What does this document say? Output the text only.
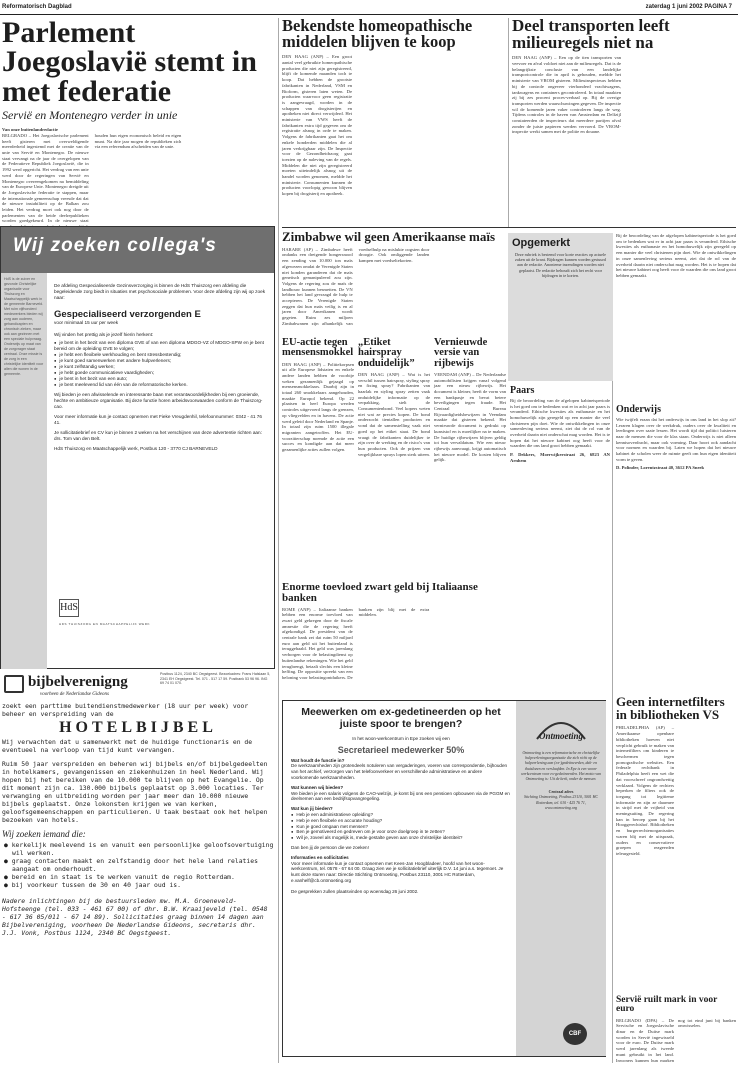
Reformatorisch Dagblad	zaterdag 1 juni 2002 PAGINA 7
Parlement Joegoslavië stemt in met federatie
Servië en Montenegro verder in unie
Van onze buitenlandredactie
BELGRADO – Het Joegoslavische parlement heeft gisteren met overweldigende meerderheid ingestemd met de creatie van de unie van Servië en Montenegro. De nieuwe staat vervangt na de jaar de overgelopen van de Federatieve Republiek Joegoslavië, die in 1992 werd opgericht. Het verdrag van een unie werd door de regeringen van Servië en Montenegro overeengekomen na bemiddeling van de Europese Unie. Montenegro dreigde uit de Joegoslavische federatie te stappen, maar de internationale gemeenschap vreesde dat dat de nieuwe instabiliteit op de Balkan zou leiden. Het verdrag moet ook nog door de parlementen van de beide deelrepublieken worden goedgekeurd. In de nieuwe staat houden hun eigen economisch beleid en eigen munt. Na drie jaar mogen de republieken zich via een referendum afscheiden van de unie.
Bekendste homeopathische middelen blijven te koop
DEN HAAG (ANP) – Een groot aantal veel gebruikte homeopathische producten die niet zijn geregistreerd, blijft de komende maanden toch te koop. Dat hebben de grootste fabrikanten in Nederland, VSM en Bioform, gisteren laten weten. De producten waarvoor geen registratie is aangevraagd, worden in de schappen van drogisterijen en apotheken niet direct verwijderd. Het ministerie van VWS heeft de fabrikanten extra tijd gegeven om de registratie alsnog in orde te maken. Volgens de fabrikanten gaat het om enkele honderden middelen die al jaren verkrijgbaar zijn. De Inspectie voor de Gezondheidszorg gaat toezien op de naleving van de regels. Middelen die niet zijn geregistreerd moeten uiteindelijk alsnog uit de handel worden genomen, meldde het ministerie. Consumenten kunnen de producten voorlopig gewoon blijven kopen bij drogisterij en apotheek.
Deel transporten leeft milieuregels niet na
DEN HAAG (ANP) – Een op de tien transporten van veevoer en afval voldoet niet aan de milieuregels. Dat is de belangrijkste conclusie van een landelijke transportcontrole die in april is gehouden, meldde het ministerie van VROM gisteren. Milieuinspecteurs hebben bij de controle ongeveer vierhonderd vrachtwagens, tankwagens en containers gecontroleerd. In totaal maakten zij bij zes procent proces-verbaal op. Bij de overige transporten werden waarschuwingen gegeven. De inspectie wil de komende jaren vaker controleren langs de weg. Tijdens controles in de haven van Amsterdam en Delfzijl constateerden de inspecteurs dat meerdere partijen afval zonder de juiste papieren werden vervoerd. De VROM-inspectie werkt samen met de politie en douane.
Zimbabwe wil geen Amerikaanse maïs
HARARE (AP) – Zimbabwe heeft ondanks een dreigende hongersnood een zending van 10.000 ton maïs afgewezen omdat de Verenigde Staten niet konden garanderen dat de maïs genetisch gemanipuleerd zou zijn. Volgens de regering zou de maïs de landbouw kunnen besmetten. De VN hebben het land gevraagd de hulp te accepteren. De Verenigde Staten zeggen dat hun maïs veilig is en al jaren door Amerikanen wordt gegeten. Ruim zes miljoen Zimbabwanen zijn afhankelijk van voedselhulp na mislukte oogsten door droogte. Ook omliggende landen kampen met voedseltekorten.
EU-actie tegen mensensmokkel
DEN HAAG (ANP) – Politiekorpsen uit alle Europese lidstaten en enkele andere landen hebben de voorbije weken gezamenlijk gejaagd op mensensmokkelaars. Daarbij zijn in totaal 260 smokkelaars aangehouden, maakte Europol bekend. Op 22 plaatsen in heel Europa werden controles uitgevoerd langs de grenzen, op vliegvelden en in havens. De actie werd geleid door Nederland en Spanje. In totaal zijn ruim 1500 illegale migranten aangetroffen. Het EU-voorzitterschap noemde de actie een succes en kondigde aan dat meer gezamenlijke acties zullen volgen.
„Etiket hairspray onduidelijk”
DEN HAAG (ANP) – Wat is het verschil tussen hairspray, styling spray en fixing spray? Fabrikanten van haarlak en styling spray zetten vaak onduidelijke informatie op de verpakking, stelt de Consumentenbond. Veel kopers weten niet wat ze precies kopen. De bond onderzocht tientallen producten en vond dat de samenstelling vaak niet goed op het etiket staat. De bond vraagt de fabrikanten duidelijker te zijn over de werking en de risico's van hun producten. Ook de prijzen van vergelijkbare sprays lopen sterk uiteen.
Vernieuwde versie van rijbewijs
VEENDAM (ANP) – De Nederlandse automobilisten krijgen vanaf volgend jaar een nieuw rijbewijs. Het document is kleiner, heeft de vorm van een bankpasje en bevat betere beveiligingen tegen fraude. Het Centraal Bureau Rijvaardigheidsbewijzen in Veendam maakte dat gisteren bekend. Het vernieuwde document is gedrukt op kunststof en is moeilijker na te maken. De huidige rijbewijzen blijven geldig tot hun vervaldatum. Wie een nieuw rijbewijs aanvraagt, krijgt automatisch het nieuwe model. De kosten blijven gelijk.
Enorme toevloed zwart geld bij Italiaanse banken
ROME (ANP) – Italiaanse banken hebben een enorme toevloed van zwart geld gekregen door de fiscale amnestie die de regering heeft afgekondigd. De president van de centrale bank zei dat ruim 50 miljard euro aan geld uit het buitenland is teruggehaald. Het geld was jarenlang verborgen voor de belastingdienst op buitenlandse rekeningen. Wie het geld terugbrengt, betaalt slechts een kleine heffing. De oppositie spreekt van een beloning voor belastingontduikers. De banken zijn blij met de extra middelen.
Opgemerkt
Deze rubriek is bestemd voor korte reacties op actuele zaken uit de krant. Bijdragen kunnen worden gestuurd aan de redactie. Anonieme inzendingen worden niet geplaatst. De redactie behoudt zich het recht voor bijdragen in te korten.
Paars
Bij de beoordeling van de afgelopen kabinetsperiode is het goed om te bedenken wat er in acht jaar paars is veranderd. Ethische kwesties als euthanasie en het homohuwelijk zijn geregeld op een manier die veel christenen pijn doet. Wie de ontwikkelingen in onze samenleving serieus neemt, ziet dat de rol van de overheid daarin niet onderschat mag worden. Het is te hopen dat het nieuwe kabinet oog heeft voor de waarden die ons land groot hebben gemaakt.
P. Dekkers, Moerwijkerstraat 26, 6823 AN Arnhem
Bij de beoordeling van de afgelopen kabinetsperiode is het goed om te bedenken wat er in acht jaar paars is veranderd. Ethische kwesties als euthanasie en het homohuwelijk zijn geregeld op een manier die veel christenen pijn doet. Wie de ontwikkelingen in onze samenleving serieus neemt, ziet dat de rol van de overheid daarin niet onderschat mag worden. Het is te hopen dat het nieuwe kabinet oog heeft voor de waarden die ons land groot hebben gemaakt.
Onderwijs
Wie twijfelt eraan dat het onderwijs in ons land in het slop zit? Leraren klagen over de werkdruk, ouders over de kwaliteit en leerlingen over saaie lessen. Het wordt tijd dat politici luisteren naar de mensen die voor de klas staan. Onderwijs is niet alleen kennisoverdracht, maar ook vorming. Daar hoort ook aandacht voor normen en waarden bij. Laten we hopen dat het nieuwe kabinet de scholen weer de ruimte geeft om hun eigen identiteit vorm te geven.
D. Polinder, Lorentzstraat 40, 3612 PA Sneek
Geen internetfilters in bibliotheken VS
PHILADELPHIA (AP) – Amerikaanse openbare bibliotheken hoeven niet verplicht gebruik te maken van internetfilters om kinderen te beschermen tegen pornografische websites. Een federale rechtbank in Philadelphia heeft een wet die dat voorschreef ongrondwettig verklaard. Volgens de rechters beperken de filters ook de toegang tot legitieme informatie en zijn ze daarmee in strijd met de vrijheid van meningsuiting. De regering kan in beroep gaan bij het Hooggerechtshof. Bibliotheken en burgerrechtenorganisaties waren blij met de uitspraak, ouders en conservatieve groepen reageerden teleurgesteld.
Servië ruilt mark in voor euro
BELGRADO (DPA) – De Servische en Joegoslavische dinar en de Duitse mark worden in Servië ingewisseld voor de euro. De Duitse mark werd jarenlang als tweede munt gebruikt in het land. Inwoners kunnen hun marken nog tot eind juni bij banken omwisselen.
Wij zoeken collega's
HdS is de zuiver en gezonde Christelijke organisatie voor Thuiszorg en Maatschappelijk werk in de gemeente Barneveld. Met ruim vijfhonderd medewerkers bieden wij zorg aan ouderen, gehandicapten en chronisch zieken, maar ook aan gezinnen met een speciale hulpvraag. Onderwijs op maat van de zorgvrager staat centraal. Onze missie is de zorg in een christelijke identiteit voor allen die wonen in de gemeente.
De afdeling Gespecialiseerde Gezinsverzorging is binnen de HdS Thuiszorg een afdeling die begeleidende zorg biedt in situaties met psychosociale problemen. Voor deze afdeling zijn wij op zoek naar:
Gespecialiseerd verzorgenden E
voor minimaal 15 uur per week
Wij vinden het prettig als je jezelf hierin herkent:
● je bent in het bezit van een diploma GVE of van een diploma MDGO-VZ of MDGO-SPW en je bent bereid om de opleiding GVE te volgen;
● je hebt een flexibele werkhouding en bent stressbestendig;
● je kunt goed samenwerken met andere hulpverleners;
● je kunt zelfstandig werken;
● je hebt goede communicatieve vaardigheden;
● je bent in het bezit van een auto;
● je bent meelevend lid van één van de reformatorische kerken.
Wij bieden je een afwisselende en interessante baan met verantwoordelijkheden bij een groeiende, hechte en ambitieuze organisatie. Bij deze functie horen arbeidsvoorwaarden conform de Thuiszorg-cao.
Voor meer informatie kun je contact opnemen met Fieke Vreugdenhil, telefoonnummer: 0342 - 41 76 41.
Je sollicitatiebrief en CV kun je binnen 2 weken na het verschijnen van deze advertentie richten aan: drs. Tom van den Belt.
HdS Thuiszorg en Maatschappelijk werk, Postbus 120 - 3770 CJ BARNEVELD
HdS
HDS THUISZORG EN MAATSCHAPPELIJK WERK
bijbelverenigng
voorheen de Nederlandse Gideons
Postbus 1124, 2340 BC Oegstgeest. Bezoekadres: Frans Halslaan 5, 2341 EH Oegstgeest. Tel. 071 - 517 17 59. Postbank 53 96 96. ING 69 74 01 070.
zoekt een parttime buitendienstmedewerker (18 uur per week) voor beheer en verspreiding van de
HOTELBIJBEL
Wij verwachten dat u samenwerkt met de huidige functionaris en de eventueel na verloop van tijd kunt vervangen.
Ruim 50 jaar verspreiden en beheren wij bijbels en/of bijbelgedeelten in hotelkamers, gevangenissen en ziekenhuizen in heel Nederland. Wij hopen bij het bereiken van de 10.000 te blijven op het Evangelie. Op dit moment zijn ca. 130.000 bijbels geplaatst op 3.000 locaties. Ter verwanging en uitbreiding worden per jaar meer dan 10.000 nieuwe bijbels geplaatst. Onze lokonsten krijgen we van kerken, geloofsgemeenschappen en particulieren. U taak bestaat ook het helpen bezoeken van hotels.
Wij zoeken iemand die:
● kerkelijk meelevend is en vanuit een persoonlijke geloofsovertuiging wil werken.
● graag contacten maakt en zelfstandig door het hele land relaties aangaat om onderhoudt.
● bereid en in staat is te werken vanuit de regio Rotterdam.
● bij voorkeur tussen de 30 en 40 jaar oud is.
Nadere inlichtingen bij de bestuursleden mw. M.A. Groeneveld-Hofsteenge (tel. 033 - 461 67 00) of dhr. B.W. Kraaijeveld (tel. 0548 - 617 36 05/011 - 67 14 89). Sollicitaties graag binnen 14 dagen aan Bijbelvereniging, voorheen De Nederlandse Gideons, secretaris dhr. J.J. Vonk, Postbus 1124, 2340 BC Oegstgeest.
Meewerken om ex-gedetineerden op het juiste spoor te brengen?
In het woon-werkcentrum in Epe zoeken wij een
Secretarieel medewerker 50%
Wat houdt de functie in?
De werkzaamheden zijn grotendeels notuleren van vergaderingen, voeren van correspondentie, bijhouden van het archief, verzorgen van het telefoonverkeer en verschillende administratieve en andere voorkomende werkzaamheden.
Wat kunnen wij bieden?
We bieden je een salaris volgens de CAO-welzijn, je komt bij ons een pensioen opbouwen via de PGGM en deelnemen aan een bedrijfsopvangregeling.
Wat kun jij bieden?
● Heb je een administratieve opleiding?
● Heb je een flexibele en accurate houding?
● Kun je goed omgaan met mensen?
● Ben je gemotiveerd en gedreven om je voor onze doelgroep in te zetten?
● Wil je, zoveel als mogelijk is, mede gestalte geven aan onze christelijke identiteit?
Dan ben jij de persoon die we zoeken!
Informaties en sollicitaties
Voor meer informatie kun je contact opnemen met Kees-Jan Hoogbladeer, hoofd van het woon-werkcentrum, tel. 0578 - 67 64 00. Graag zien we je sollicitatiebrief uiterlijk D.V. 14 juni a.s. tegemoet. Je kunt deze sturen naar: Directie Stichting Ontmoeting, Postbus 23110, 3001 HC Rotterdam, e.vanhelf@cb.ontmoeting.org
De gesprekken zullen plaatsvinden op woensdag 26 juni 2002.
Ontmoeting is een reformatorische en christelijke hulpverleningsorganisatie die zich richt op de hulpverlening aan (ex-)gedetineerden, dak- en thuislozen en verslaafden. In Epe is een woon-werkcentrum voor ex-gedetineerden. Het motto van Ontmoeting is: Uit de kerk, onder de mensen.
Centraal adres
Stichting Ontmoeting, Postbus 23110, 3001 HC Rotterdam, tel. 010 - 425 76 71, www.ontmoeting.org
Ontmoeting
CBF
